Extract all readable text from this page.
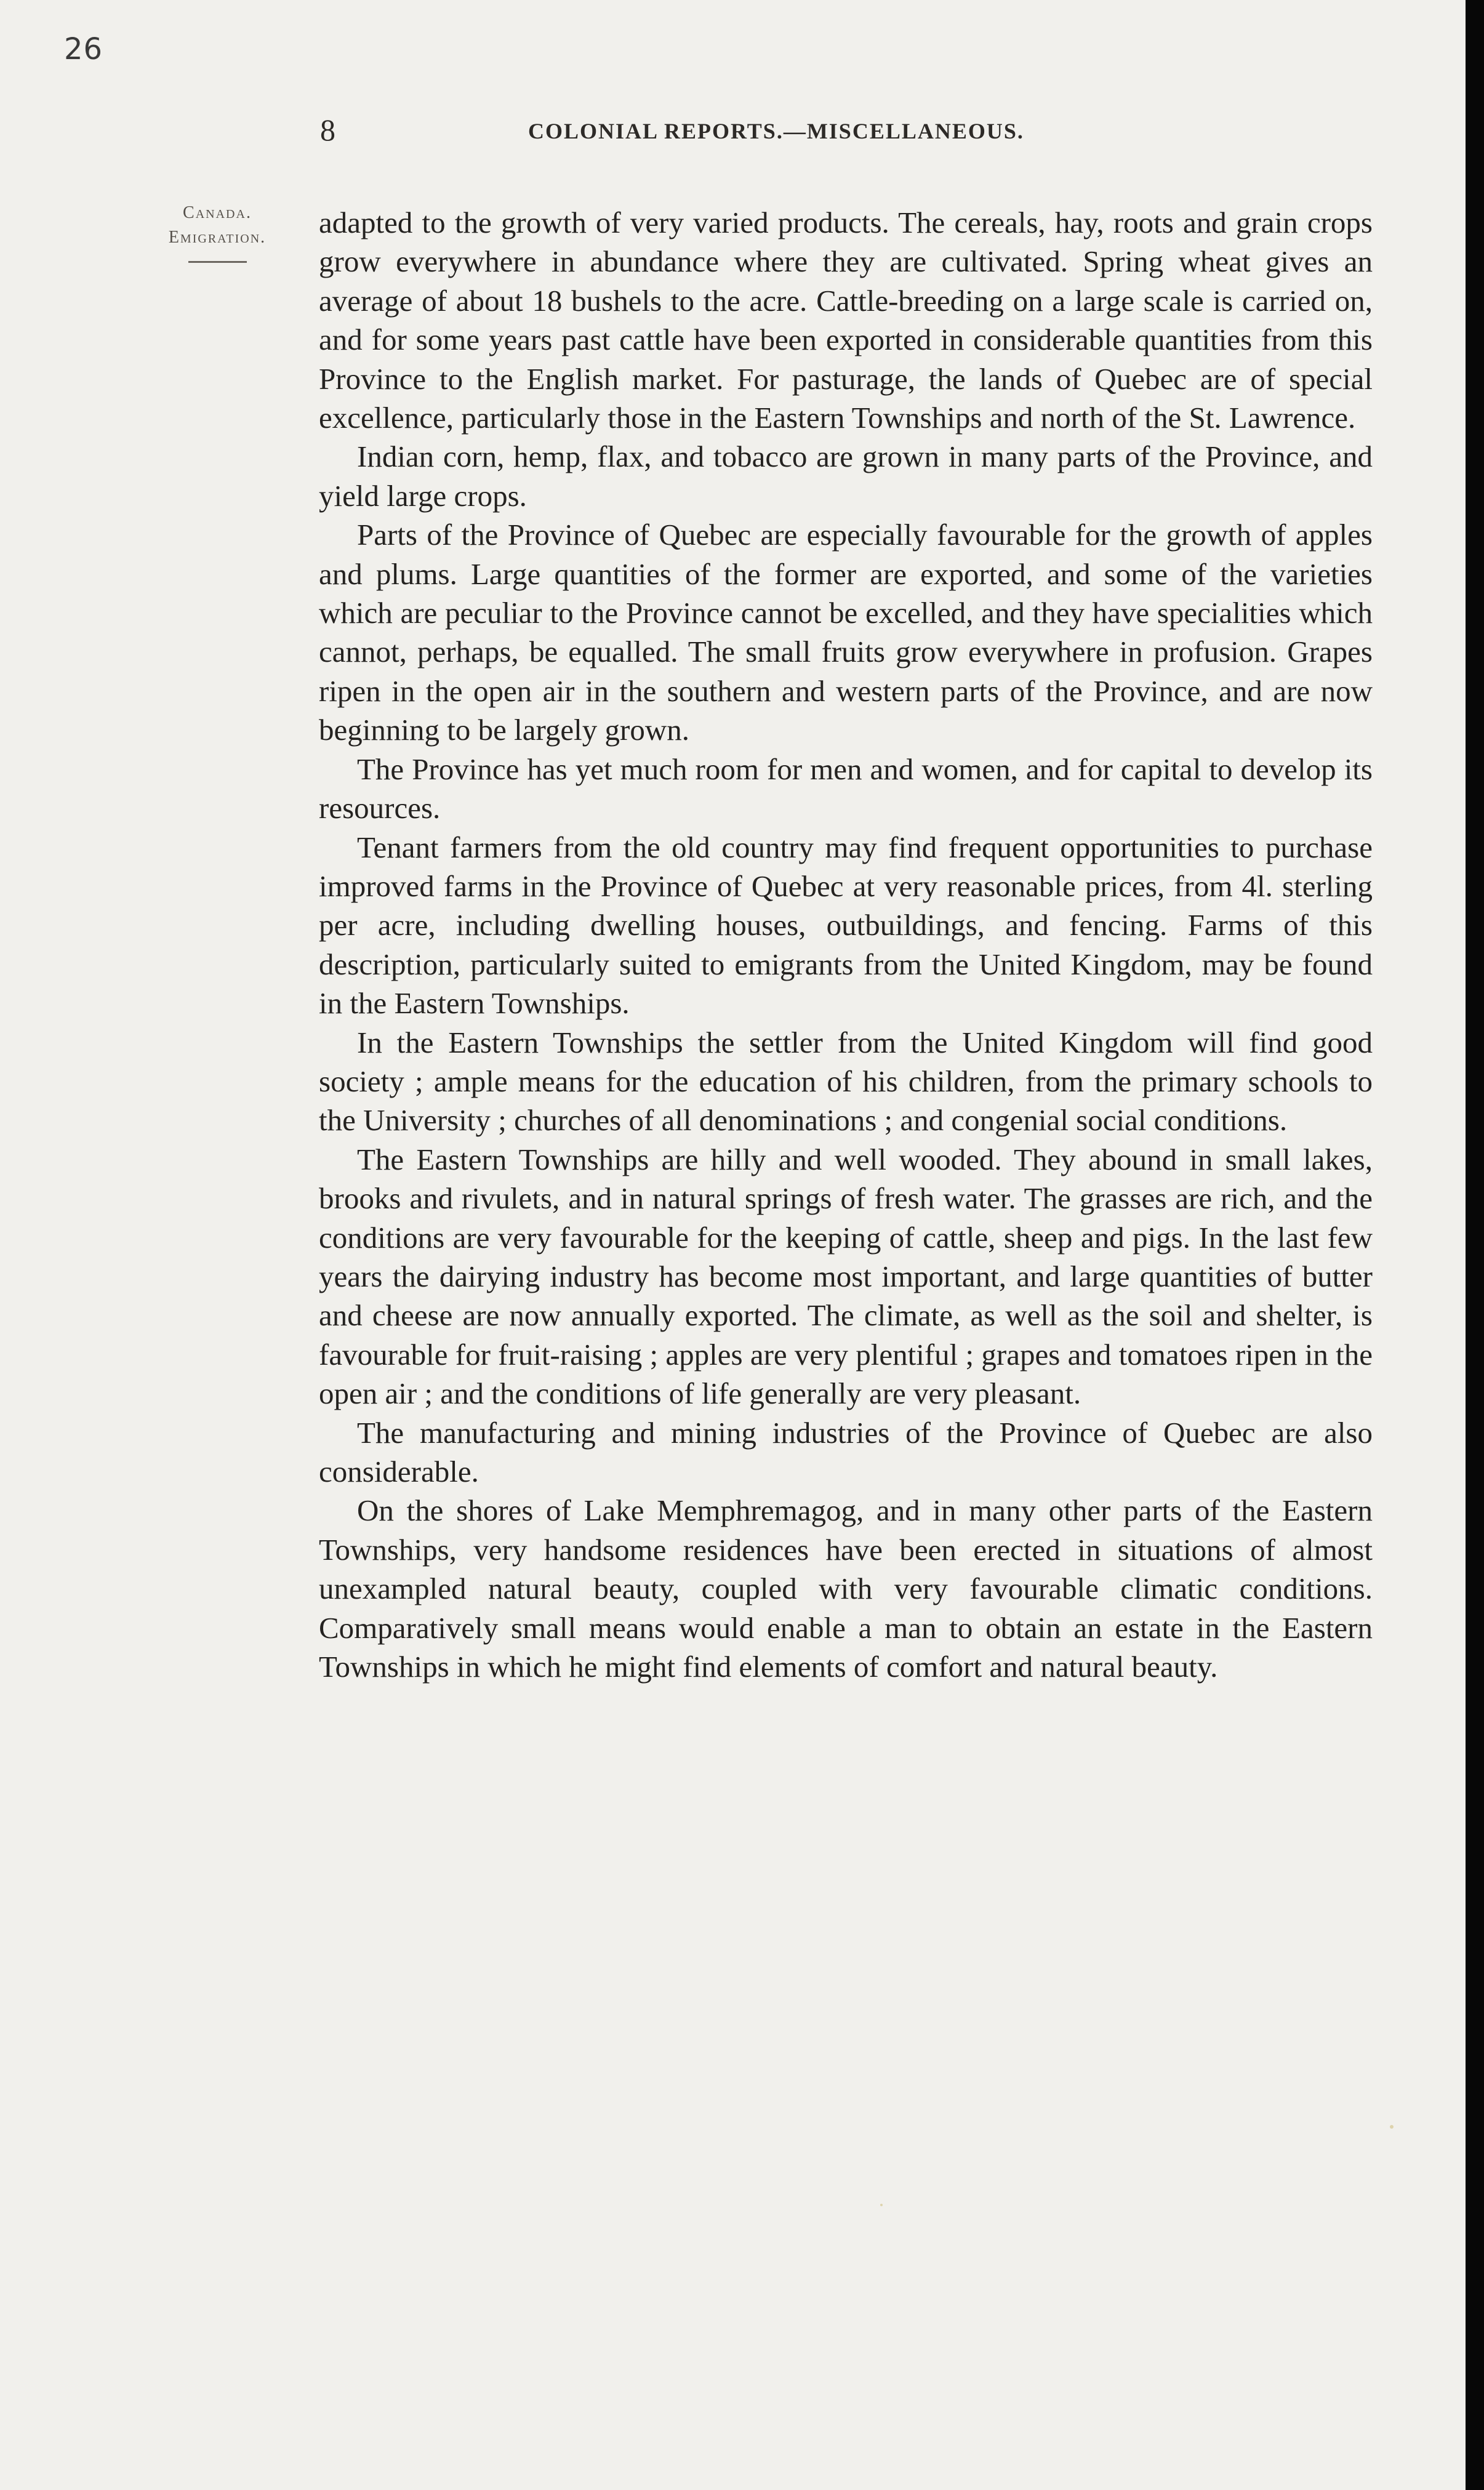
26
8	COLONIAL REPORTS.—MISCELLANEOUS.
Canada.
Emigration.	adapted to the growth of very varied products. The cereals, hay, roots and grain crops grow everywhere in abundance where they are cultivated. Spring wheat gives an average of about 18 bushels to the acre. Cattle-breeding on a large scale is carried on, and for some years past cattle have been exported in considerable quantities from this Province to the English market. For pasturage, the lands of Quebec are of special excellence, particularly those in the Eastern Townships and north of the St. Lawrence.

Indian corn, hemp, flax, and tobacco are grown in many parts of the Province, and yield large crops.

Parts of the Province of Quebec are especially favourable for the growth of apples and plums. Large quantities of the former are exported, and some of the varieties which are peculiar to the Province cannot be excelled, and they have specialities which cannot, perhaps, be equalled. The small fruits grow everywhere in profusion. Grapes ripen in the open air in the southern and western parts of the Province, and are now beginning to be largely grown.

The Province has yet much room for men and women, and for capital to develop its resources.

Tenant farmers from the old country may find frequent opportunities to purchase improved farms in the Province of Quebec at very reasonable prices, from 4l. sterling per acre, including dwelling houses, outbuildings, and fencing. Farms of this description, particularly suited to emigrants from the United Kingdom, may be found in the Eastern Townships.

In the Eastern Townships the settler from the United Kingdom will find good society ; ample means for the education of his children, from the primary schools to the University ; churches of all denominations ; and congenial social conditions.

The Eastern Townships are hilly and well wooded. They abound in small lakes, brooks and rivulets, and in natural springs of fresh water. The grasses are rich, and the conditions are very favourable for the keeping of cattle, sheep and pigs. In the last few years the dairying industry has become most important, and large quantities of butter and cheese are now annually exported. The climate, as well as the soil and shelter, is favourable for fruit-raising ; apples are very plentiful ; grapes and tomatoes ripen in the open air ; and the conditions of life generally are very pleasant.

The manufacturing and mining industries of the Province of Quebec are also considerable.

On the shores of Lake Memphremagog, and in many other parts of the Eastern Townships, very handsome residences have been erected in situations of almost unexampled natural beauty, coupled with very favourable climatic conditions. Comparatively small means would enable a man to obtain an estate in the Eastern Townships in which he might find elements of comfort and natural beauty.
